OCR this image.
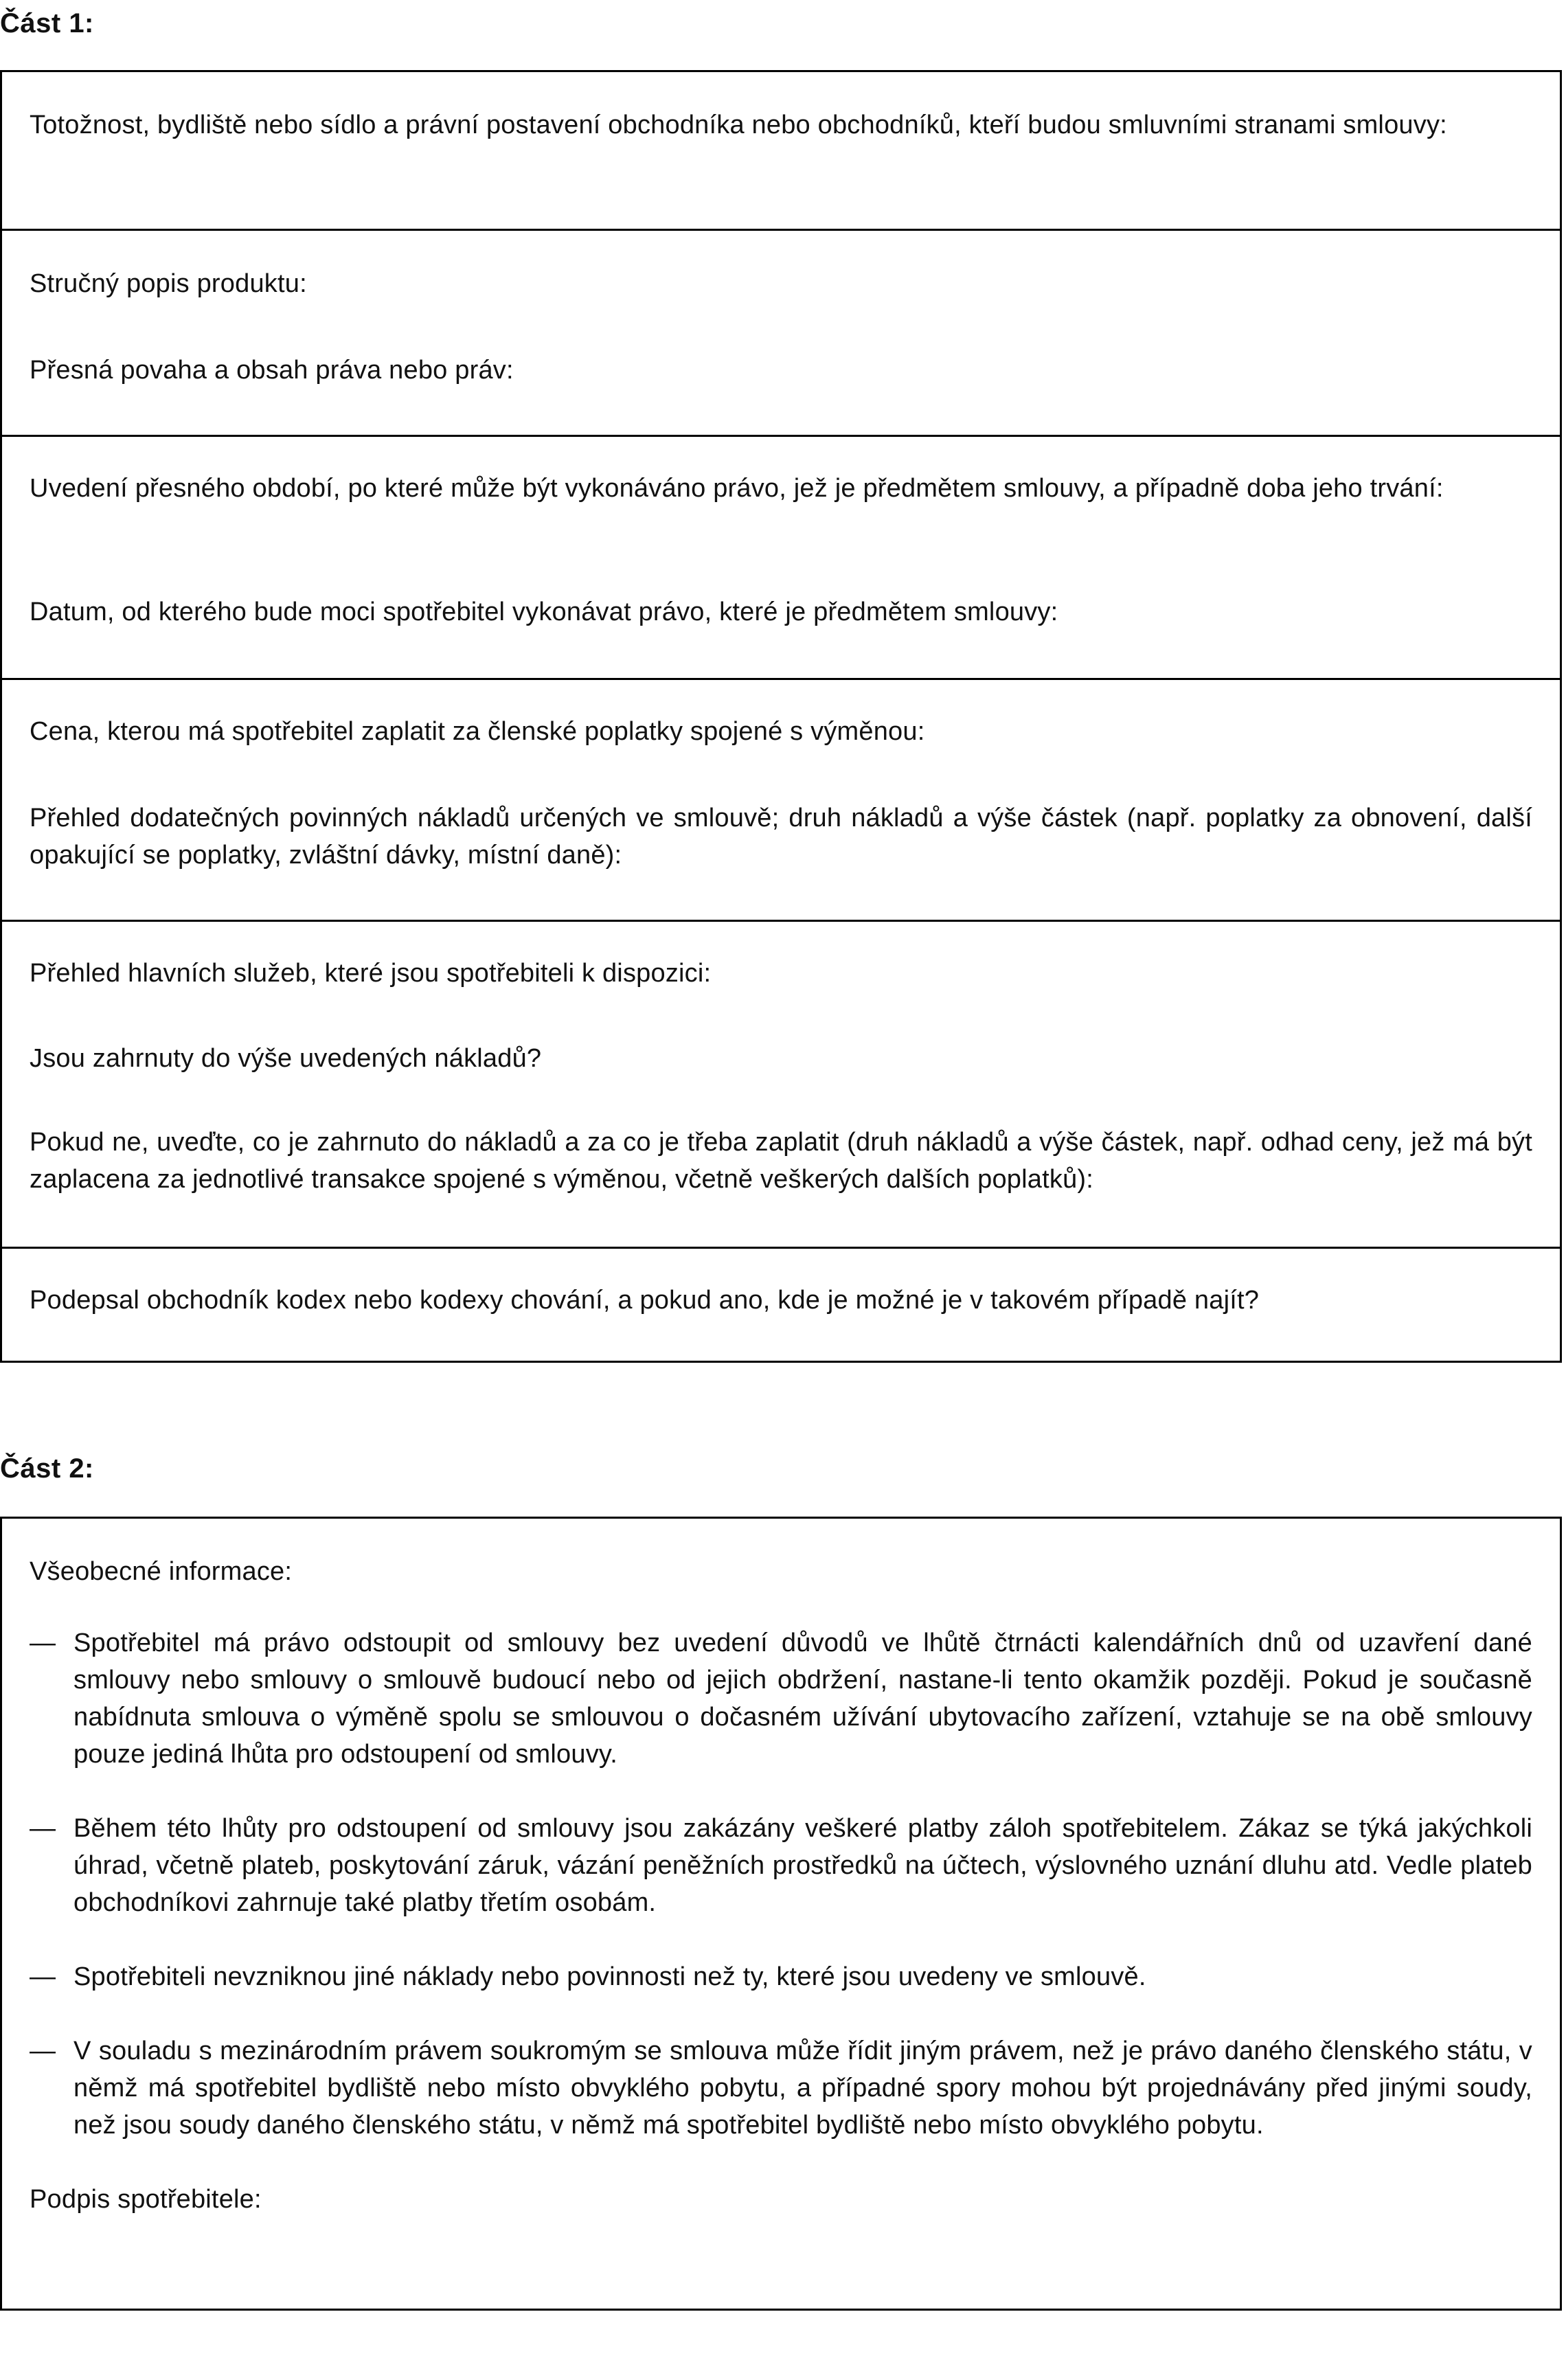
Část 1:

Totožnost, bydliště nebo sídlo a právní postavení obchodníka nebo obchodníků, kteří budou smluvními stranami smlouvy:

Stručný popis produktu:

Přesná povaha a obsah práva nebo práv:

Uvedení přesného období, po které může být vykonáváno právo, jež je předmětem smlouvy, a případně doba jeho trvání:

Datum, od kterého bude moci spotřebitel vykonávat právo, které je předmětem smlouvy:

Cena, kterou má spotřebitel zaplatit za členské poplatky spojené s výměnou:

Přehled dodatečných povinných nákladů určených ve smlouvě; druh nákladů a výše částek (např. poplatky za obnovení, další opakující se poplatky, zvláštní dávky, místní daně):

Přehled hlavních služeb, které jsou spotřebiteli k dispozici:

Jsou zahrnuty do výše uvedených nákladů?

Pokud ne, uveďte, co je zahrnuto do nákladů a za co je třeba zaplatit (druh nákladů a výše částek, např. odhad ceny, jež má být zaplacena za jednotlivé transakce spojené s výměnou, včetně veškerých dalších poplatků):

Podepsal obchodník kodex nebo kodexy chování, a pokud ano, kde je možné je v takovém případě najít?

Část 2:

Všeobecné informace:

— Spotřebitel má právo odstoupit od smlouvy bez uvedení důvodů ve lhůtě čtrnácti kalendářních dnů od uzavření dané smlouvy nebo smlouvy o smlouvě budoucí nebo od jejich obdržení, nastane-li tento okamžik později. Pokud je současně nabídnuta smlouva o výměně spolu se smlouvou o dočasném užívání ubytovacího zařízení, vztahuje se na obě smlouvy pouze jediná lhůta pro odstoupení od smlouvy.
— Během této lhůty pro odstoupení od smlouvy jsou zakázány veškeré platby záloh spotřebitelem. Zákaz se týká jakýchkoli úhrad, včetně plateb, poskytování záruk, vázání peněžních prostředků na účtech, výslovného uznání dluhu atd. Vedle plateb obchodníkovi zahrnuje také platby třetím osobám.
— Spotřebiteli nevzniknou jiné náklady nebo povinnosti než ty, které jsou uvedeny ve smlouvě.
— V souladu s mezinárodním právem soukromým se smlouva může řídit jiným právem, než je právo daného členského státu, v němž má spotřebitel bydliště nebo místo obvyklého pobytu, a případné spory mohou být projednávány před jinými soudy, než jsou soudy daného členského státu, v němž má spotřebitel bydliště nebo místo obvyklého pobytu.

Podpis spotřebitele:
